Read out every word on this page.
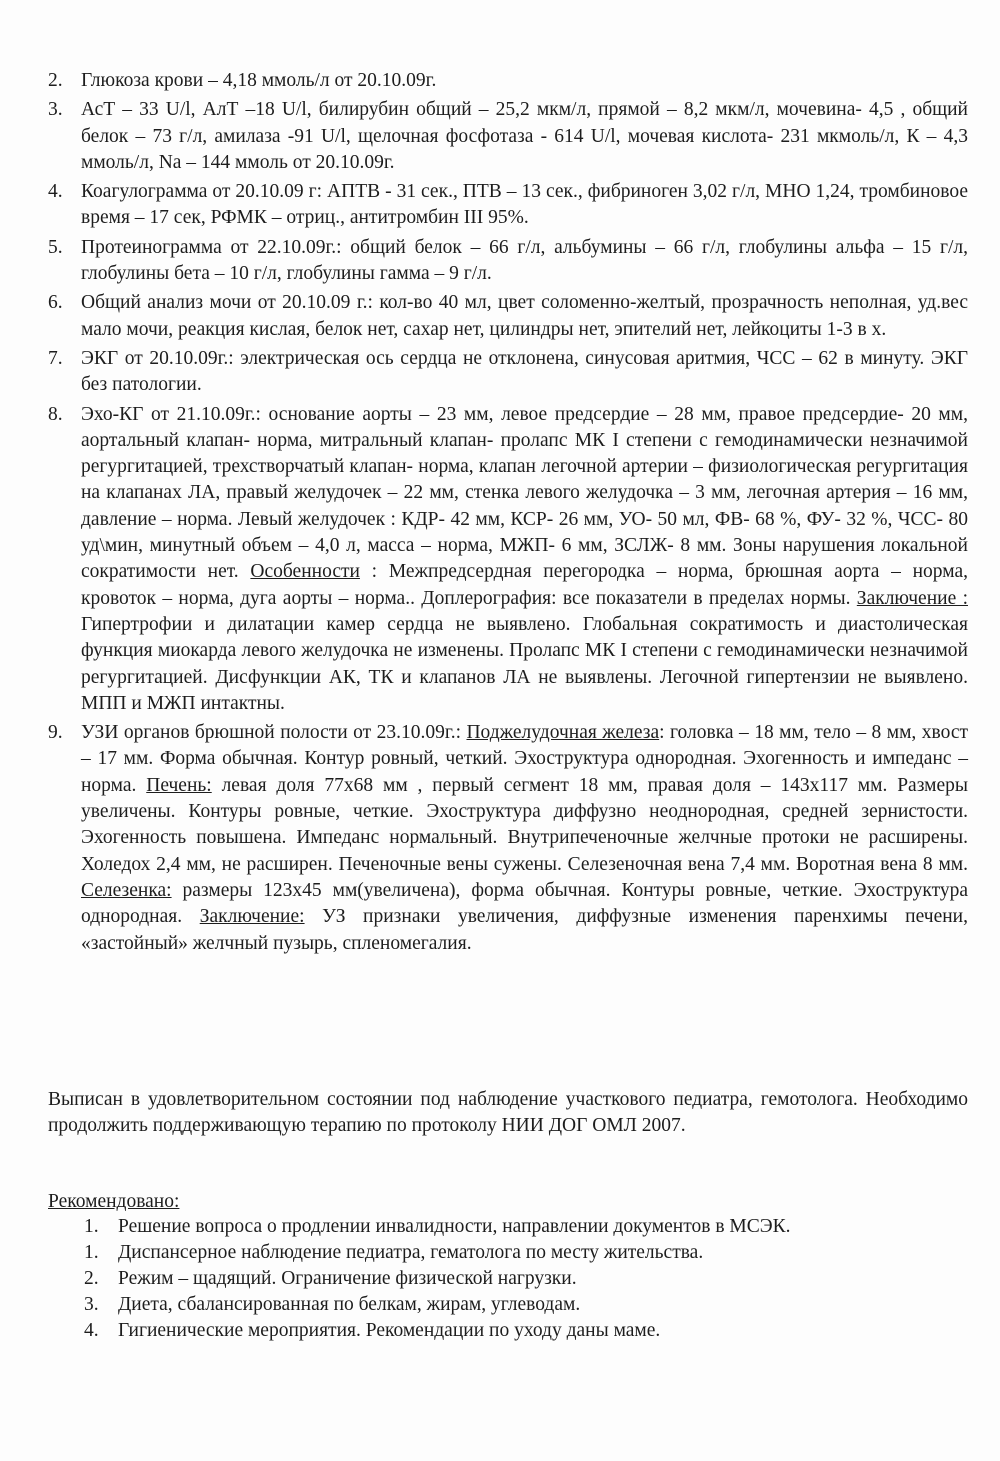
2. Глюкоза крови – 4,18 ммоль/л от 20.10.09г.
3. АсТ – 33 U/l, АлТ –18 U/l, билирубин общий – 25,2 мкм/л, прямой – 8,2 мкм/л, мочевина- 4,5 , общий белок – 73 г/л, амилаза -91 U/l, щелочная фосфотаза - 614 U/l, мочевая кислота- 231 мкмоль/л, К – 4,3 ммоль/л, Na – 144 ммоль от 20.10.09г.
4. Коагулограмма от 20.10.09 г: АПТВ - 31 сек., ПТВ – 13 сек., фибриноген 3,02 г/л, МНО 1,24, тромбиновое время – 17 сек, РФМК – отриц., антитромбин III 95%.
5. Протеинограмма от 22.10.09г.: общий белок – 66 г/л, альбумины – 66 г/л, глобулины альфа – 15 г/л, глобулины бета – 10 г/л, глобулины гамма – 9 г/л.
6. Общий анализ мочи от 20.10.09 г.: кол-во 40 мл, цвет соломенно-желтый, прозрачность неполная, уд.вес мало мочи, реакция кислая, белок нет, сахар нет, цилиндры нет, эпителий нет, лейкоциты 1-3 в х.
7. ЭКГ от 20.10.09г.: электрическая ось сердца не отклонена, синусовая аритмия, ЧСС – 62 в минуту. ЭКГ без патологии.
8. Эхо-КГ от 21.10.09г.: основание аорты – 23 мм, левое предсердие – 28 мм, правое предсердие- 20 мм, аортальный клапан- норма, митральный клапан- пролапс МК I степени с гемодинамически незначимой регургитацией, трехстворчатый клапан- норма, клапан легочной артерии – физиологическая регургитация на клапанах ЛА, правый желудочек – 22 мм, стенка левого желудочка – 3 мм, легочная артерия – 16 мм, давление – норма. Левый желудочек : КДР- 42 мм, КСР- 26 мм, УО- 50 мл, ФВ- 68 %, ФУ- 32 %, ЧСС- 80 уд\мин, минутный объем – 4,0 л, масса – норма, МЖП- 6 мм, ЗСЛЖ- 8 мм. Зоны нарушения локальной сократимости нет. Особенности : Межпредсердная перегородка – норма, брюшная аорта – норма, кровоток – норма, дуга аорты – норма.. Доплерография: все показатели в пределах нормы. Заключение : Гипертрофии и дилатации камер сердца не выявлено. Глобальная сократимость и диастолическая функция миокарда левого желудочка не изменены. Пролапс МК I степени с гемодинамически незначимой регургитацией. Дисфункции АК, ТК и клапанов ЛА не выявлены. Легочной гипертензии не выявлено. МПП и МЖП интактны.
9. УЗИ органов брюшной полости от 23.10.09г.: Поджелудочная железа: головка – 18 мм, тело – 8 мм, хвост – 17 мм. Форма обычная. Контур ровный, четкий. Эхоструктура однородная. Эхогенность и импеданс – норма. Печень: левая доля 77х68 мм , первый сегмент 18 мм, правая доля – 143х117 мм. Размеры увеличены. Контуры ровные, четкие. Эхоструктура диффузно неоднородная, средней зернистости. Эхогенность повышена. Импеданс нормальный. Внутрипеченочные желчные протоки не расширены. Холедох 2,4 мм, не расширен. Печеночные вены сужены. Селезеночная вена 7,4 мм. Воротная вена 8 мм. Селезенка: размеры 123х45 мм(увеличена), форма обычная. Контуры ровные, четкие. Эхоструктура однородная. Заключение: УЗ признаки увеличения, диффузные изменения паренхимы печени, «застойный» желчный пузырь, спленомегалия.

Выписан в удовлетворительном состоянии под наблюдение участкового педиатра, гемотолога. Необходимо продолжить поддерживающую терапию по протоколу НИИ ДОГ ОМЛ 2007.

Рекомендовано:

1. Решение вопроса о продлении инвалидности, направлении документов в МСЭК.
1. Диспансерное наблюдение педиатра, гематолога по месту жительства.
2. Режим – щадящий. Ограничение физической нагрузки.
3. Диета, сбалансированная по белкам, жирам, углеводам.
4. Гигиенические мероприятия. Рекомендации по уходу даны маме.
